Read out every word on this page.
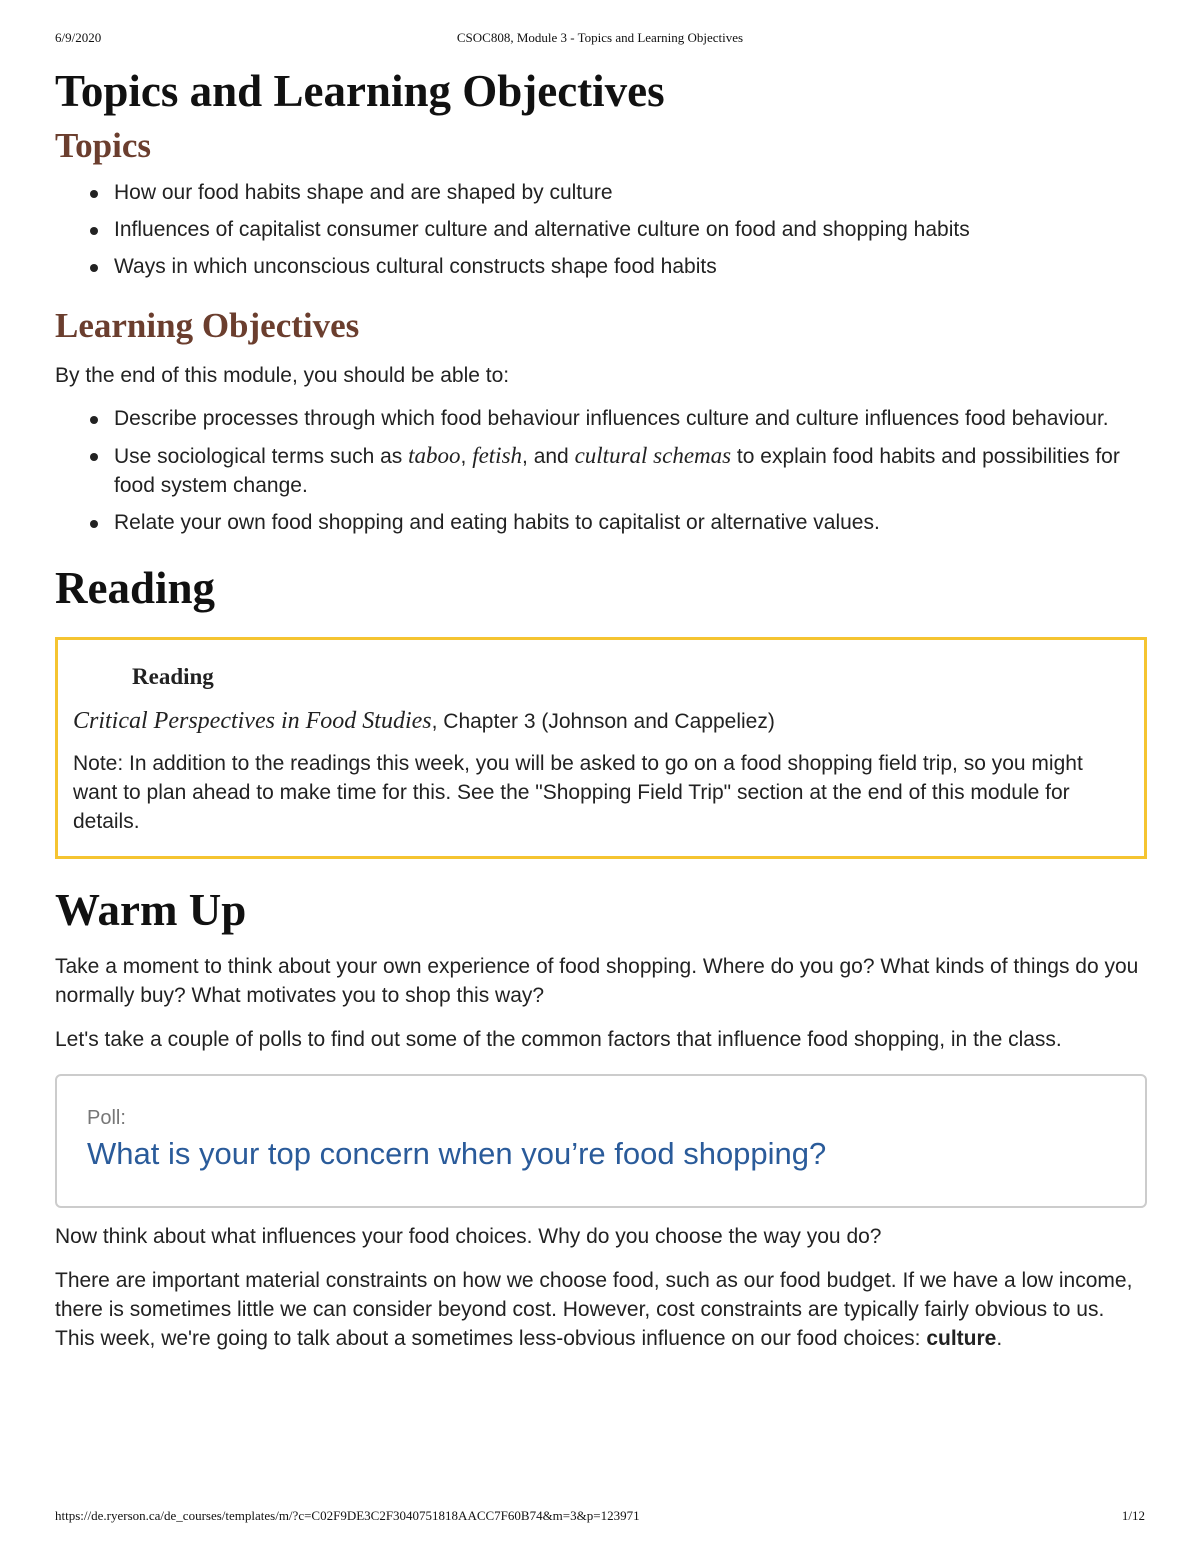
6/9/2020	CSOC808, Module 3 - Topics and Learning Objectives
Topics and Learning Objectives
Topics
How our food habits shape and are shaped by culture
Influences of capitalist consumer culture and alternative culture on food and shopping habits
Ways in which unconscious cultural constructs shape food habits
Learning Objectives

By the end of this module, you should be able to:

Describe processes through which food behaviour influences culture and culture influences food behaviour.
Use sociological terms such as taboo, fetish, and cultural schemas to explain food habits and possibilities for food system change.
Relate your own food shopping and eating habits to capitalist or alternative values.
Reading
Reading
Critical Perspectives in Food Studies, Chapter 3 (Johnson and Cappeliez)
Note: In addition to the readings this week, you will be asked to go on a food shopping field trip, so you might want to plan ahead to make time for this. See the "Shopping Field Trip" section at the end of this module for details.
Warm Up

Take a moment to think about your own experience of food shopping. Where do you go? What kinds of things do you normally buy? What motivates you to shop this way?

Let's take a couple of polls to find out some of the common factors that influence food shopping, in the class.

Poll:
What is your top concern when you’re food shopping?

Now think about what influences your food choices. Why do you choose the way you do?

There are important material constraints on how we choose food, such as our food budget. If we have a low income, there is sometimes little we can consider beyond cost. However, cost constraints are typically fairly obvious to us. This week, we're going to talk about a sometimes less-obvious influence on our food choices: culture.

https://de.ryerson.ca/de_courses/templates/m/?c=C02F9DE3C2F3040751818AACC7F60B74&m=3&p=123971	1/12
